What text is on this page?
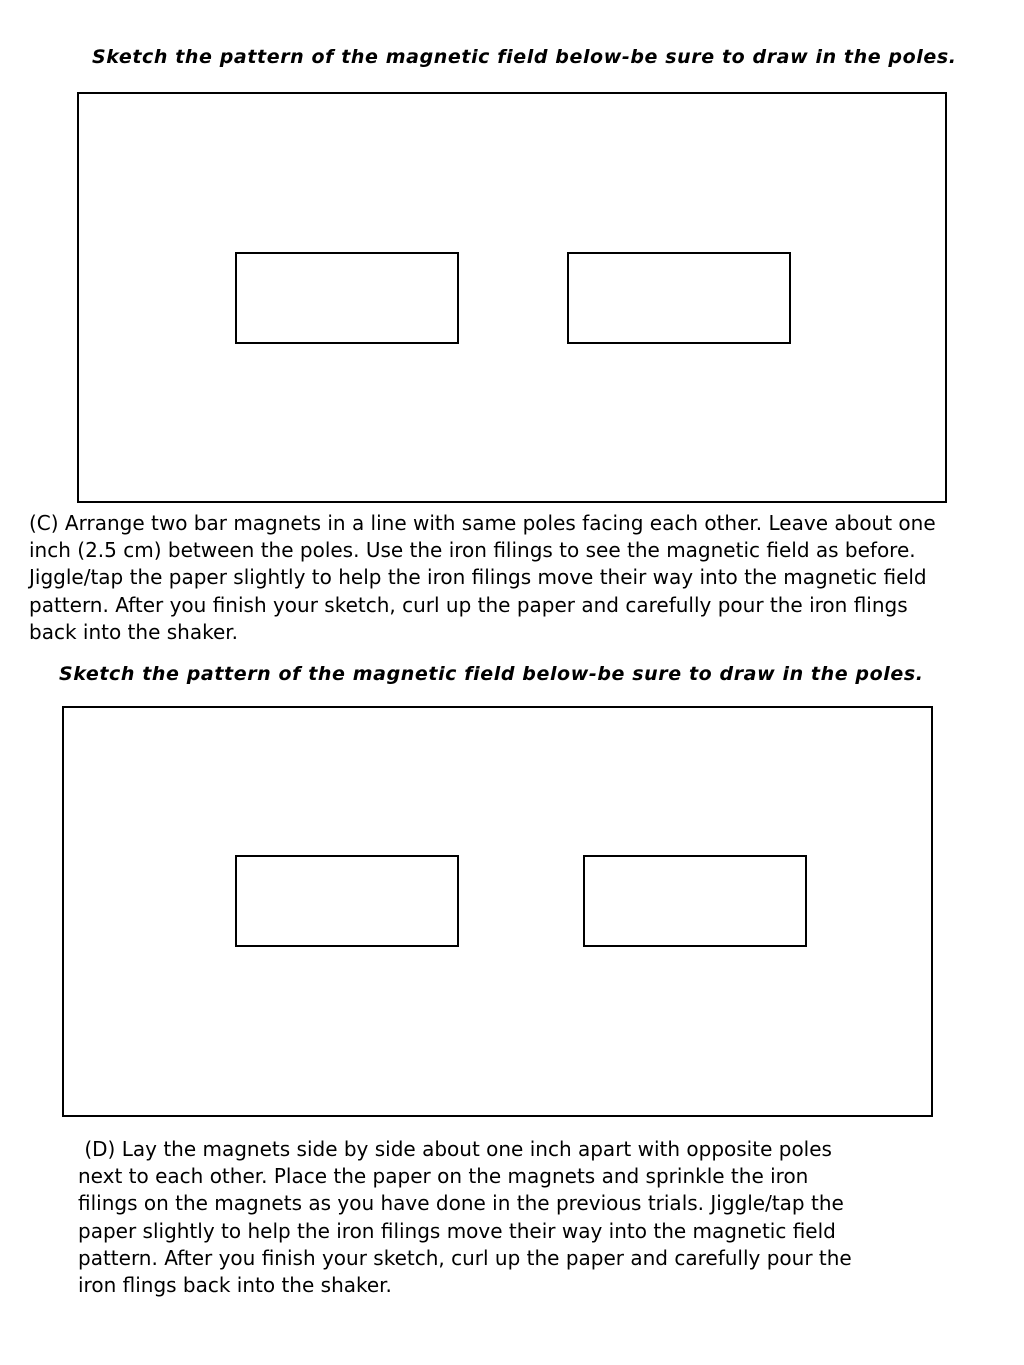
Sketch the pattern of the magnetic field below-be sure to draw in the poles.

(C) Arrange two bar magnets in a line with same poles facing each other. Leave about one
inch (2.5 cm) between the poles. Use the iron filings to see the magnetic field as before.
Jiggle/tap the paper slightly to help the iron filings move their way into the magnetic field
pattern. After you finish your sketch, curl up the paper and carefully pour the iron flings
back into the shaker.

Sketch the pattern of the magnetic field below-be sure to draw in the poles.

(D) Lay the magnets side by side about one inch apart with opposite poles
next to each other. Place the paper on the magnets and sprinkle the iron
filings on the magnets as you have done in the previous trials. Jiggle/tap the
paper slightly to help the iron filings move their way into the magnetic field
pattern. After you finish your sketch, curl up the paper and carefully pour the
iron flings back into the shaker.
